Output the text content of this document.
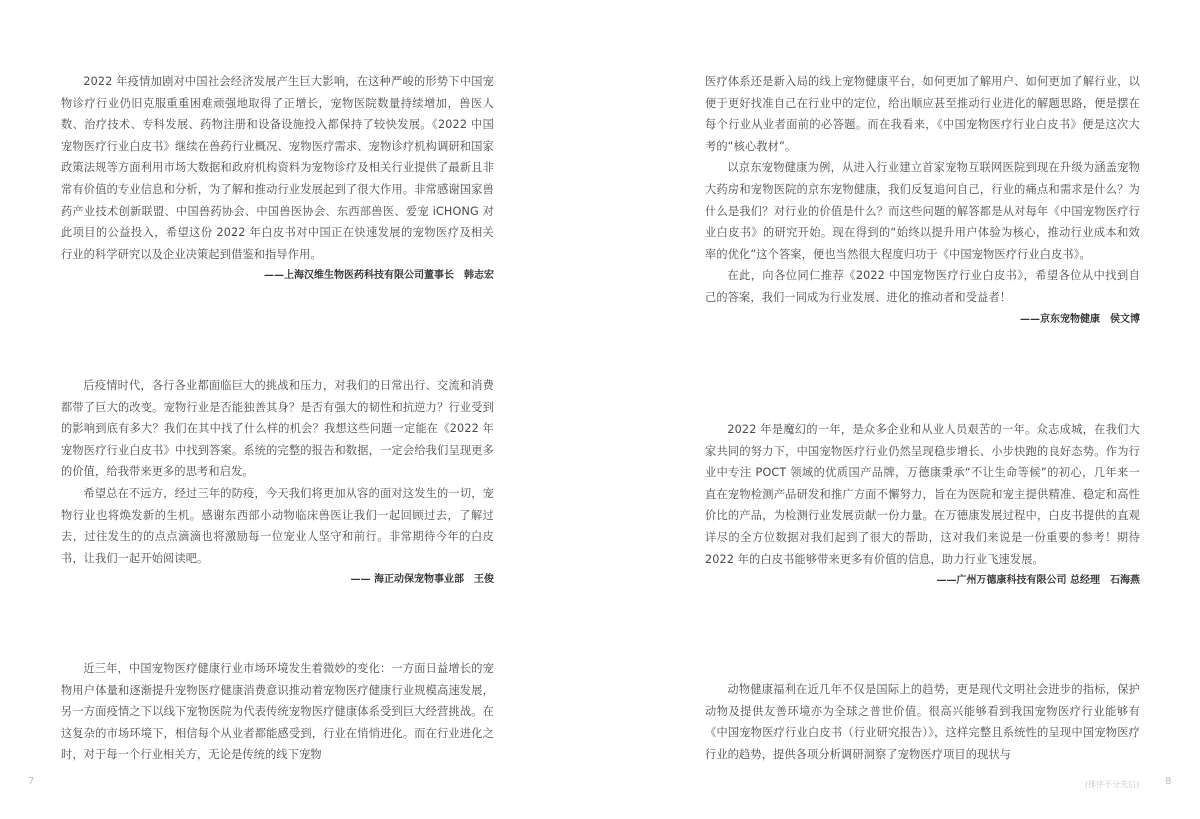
2022 年疫情加剧对中国社会经济发展产生巨大影响，在这种严峻的形势下中国宠物诊疗行业仍旧克服重重困难顽强地取得了正增长，宠物医院数量持续增加，兽医人数、治疗技术、专科发展、药物注册和设备设施投入都保持了较快发展。《2022 中国宠物医疗行业白皮书》继续在兽药行业概况、宠物医疗需求、宠物诊疗机构调研和国家政策法规等方面利用市场大数据和政府机构资料为宠物诊疗及相关行业提供了最新且非常有价值的专业信息和分析，为了解和推动行业发展起到了很大作用。非常感谢国家兽药产业技术创新联盟、中国兽药协会、中国兽医协会、东西部兽医、爱宠 iCHONG 对此项目的公益投入，希望这份 2022 年白皮书对中国正在快速发展的宠物医疗及相关行业的科学研究以及企业决策起到借鉴和指导作用。

——上海汉维生物医药科技有限公司董事长　韩志宏

后疫情时代，各行各业都面临巨大的挑战和压力，对我们的日常出行、交流和消费都带了巨大的改变。宠物行业是否能独善其身？是否有强大的韧性和抗逆力？行业受到的影响到底有多大？我们在其中找了什么样的机会？我想这些问题一定能在《2022 年宠物医疗行业白皮书》中找到答案。系统的完整的报告和数据，一定会给我们呈现更多的价值，给我带来更多的思考和启发。

希望总在不远方，经过三年的防疫，今天我们将更加从容的面对这发生的一切，宠物行业也将焕发新的生机。感谢东西部小动物临床兽医让我们一起回顾过去，了解过去，过往发生的的点点滴滴也将激励每一位宠业人坚守和前行。非常期待今年的白皮书，让我们一起开始阅读吧。

—— 海正动保宠物事业部　王俊

近三年，中国宠物医疗健康行业市场环境发生着微妙的变化：一方面日益增长的宠物用户体量和逐渐提升宠物医疗健康消费意识推动着宠物医疗健康行业规模高速发展，另一方面疫情之下以线下宠物医院为代表传统宠物医疗健康体系受到巨大经营挑战。在这复杂的市场环境下，相信每个从业者都能感受到，行业在悄悄进化。而在行业进化之时，对于每一个行业相关方，无论是传统的线下宠物

7

医疗体系还是新入局的线上宠物健康平台，如何更加了解用户、如何更加了解行业，以便于更好找准自己在行业中的定位，给出顺应甚至推动行业进化的解题思路，便是摆在每个行业从业者面前的必答题。而在我看来，《中国宠物医疗行业白皮书》便是这次大考的“核心教材”。

以京东宠物健康为例，从进入行业建立首家宠物互联网医院到现在升级为涵盖宠物大药房和宠物医院的京东宠物健康，我们反复追问自己，行业的痛点和需求是什么？为什么是我们？对行业的价值是什么？而这些问题的解答都是从对每年《中国宠物医疗行业白皮书》的研究开始。现在得到的“始终以提升用户体验为核心，推动行业成本和效率的优化”这个答案，便也当然很大程度归功于《中国宠物医疗行业白皮书》。

在此，向各位同仁推荐《2022 中国宠物医疗行业白皮书》，希望各位从中找到自己的答案，我们一同成为行业发展、进化的推动者和受益者！

——京东宠物健康　侯文博

2022 年是魔幻的一年，是众多企业和从业人员艰苦的一年。众志成城，在我们大家共同的努力下，中国宠物医疗行业仍然呈现稳步增长、小步快跑的良好态势。作为行业中专注 POCT 领域的优质国产品牌，万德康秉承“不让生命等候”的初心，几年来一直在宠物检测产品研发和推广方面不懈努力，旨在为医院和宠主提供精准、稳定和高性价比的产品，为检测行业发展贡献一份力量。在万德康发展过程中，白皮书提供的直观详尽的全方位数据对我们起到了很大的帮助，这对我们来说是一份重要的参考！期待 2022 年的白皮书能够带来更多有价值的信息，助力行业飞速发展。

——广州万德康科技有限公司 总经理　石海燕

动物健康福利在近几年不仅是国际上的趋势，更是现代文明社会进步的指标，保护动物及提供友善环境亦为全球之普世价值。很高兴能够看到我国宠物医疗行业能够有《中国宠物医疗行业白皮书（行业研究报告）》，这样完整且系统性的呈现中国宠物医疗行业的趋势，提供各项分析调研洞察了宠物医疗项目的现状与

(排序不分先后)	8
